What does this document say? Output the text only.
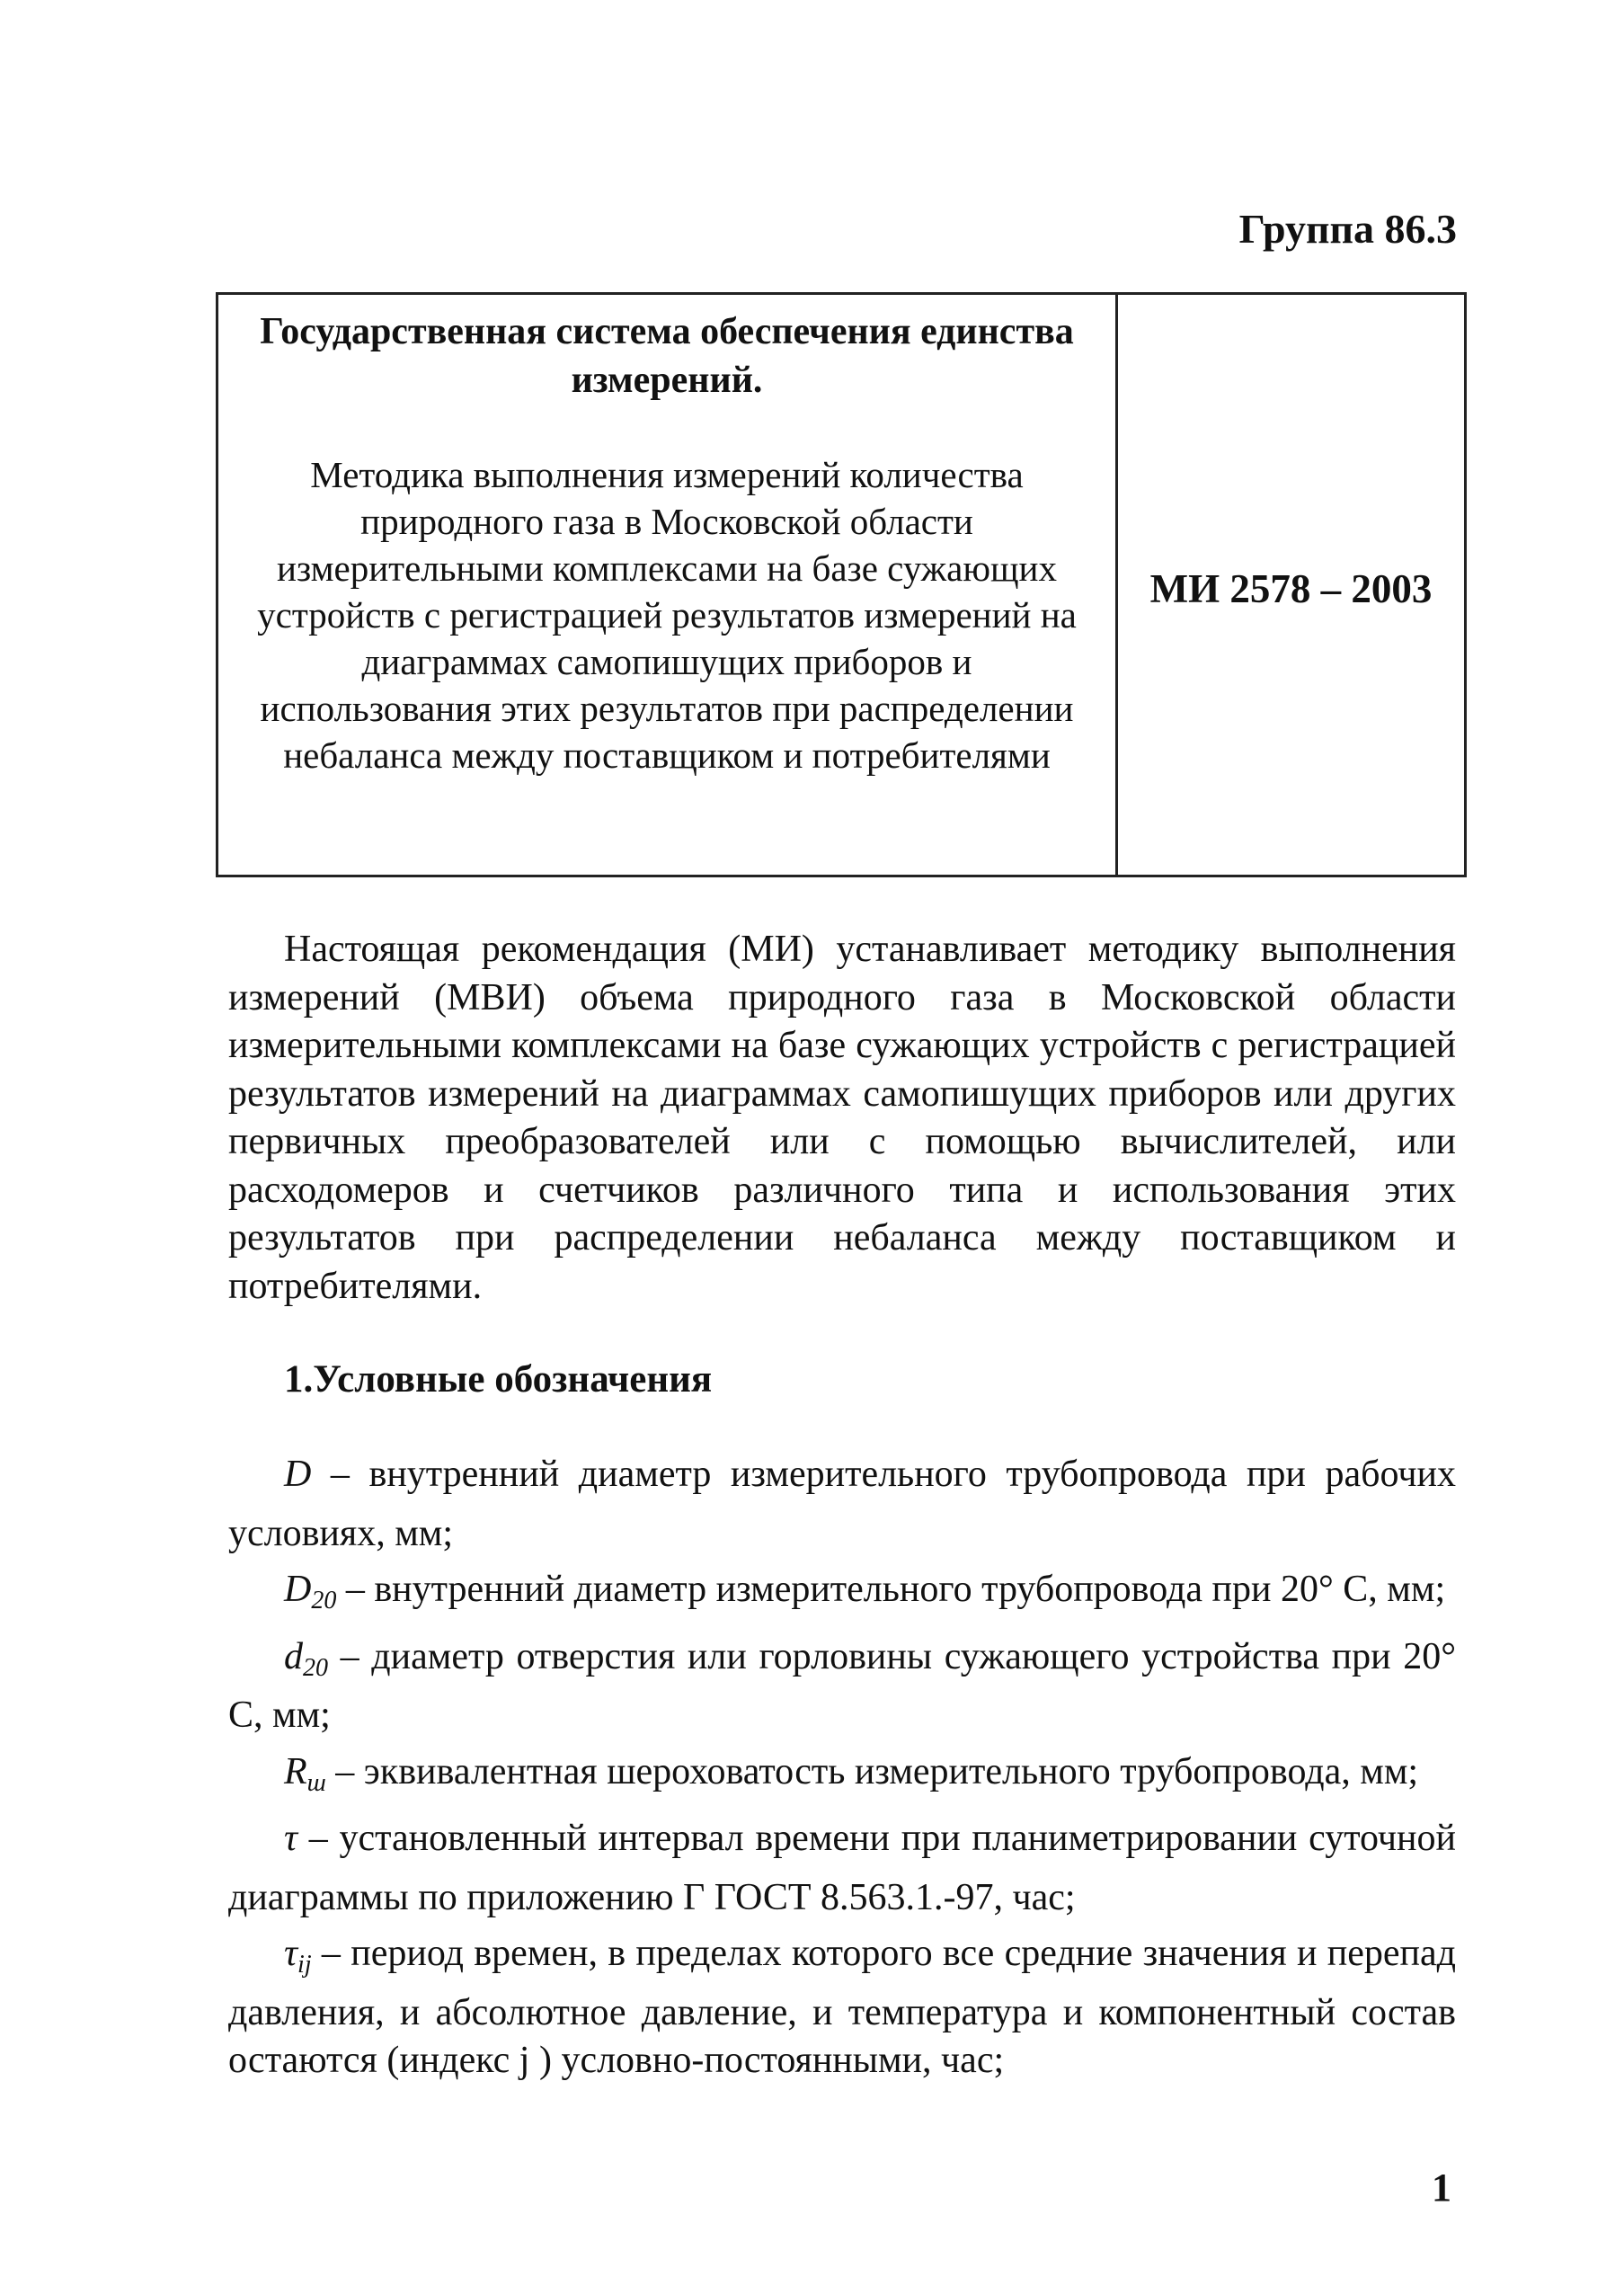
Группа 86.3
Государственная система обеспечения единства измерений.
Методика выполнения измерений количества природного газа в Московской области измерительными комплексами на базе сужающих устройств с регистрацией результатов измерений на диаграммах самопишущих приборов и использования этих результатов при распределении небаланса между поставщиком и потребителями
МИ 2578 – 2003
Настоящая рекомендация (МИ) устанавливает методику выполнения измерений (МВИ) объема природного газа в Московской области измерительными комплексами на базе сужающих устройств с регистрацией результатов измерений на диаграммах самопишущих приборов или других первичных преобразователей или с помощью вычислителей, или расходомеров и счетчиков различного типа и использования этих результатов при распределении небаланса между поставщиком и потребителями.
1.Условные обозначения
D – внутренний диаметр измерительного трубопровода при рабочих условиях, мм;
$D_{20}$ – внутренний диаметр измерительного трубопровода при 20° С, мм;
$d_{20}$ – диаметр отверстия или горловины сужающего устройства при 20° С, мм;
$R_ш$ – эквивалентная шероховатость измерительного трубопровода, мм;
τ – установленный интервал времени при планиметрировании суточной диаграммы по приложению Г ГОСТ 8.563.1.-97, час;
$\tau_{ij}$ – период времен, в пределах которого все средние значения и перепад давления, и абсолютное давление, и температура и компонентный состав остаются (индекс j ) условно-постоянными, час;
1
